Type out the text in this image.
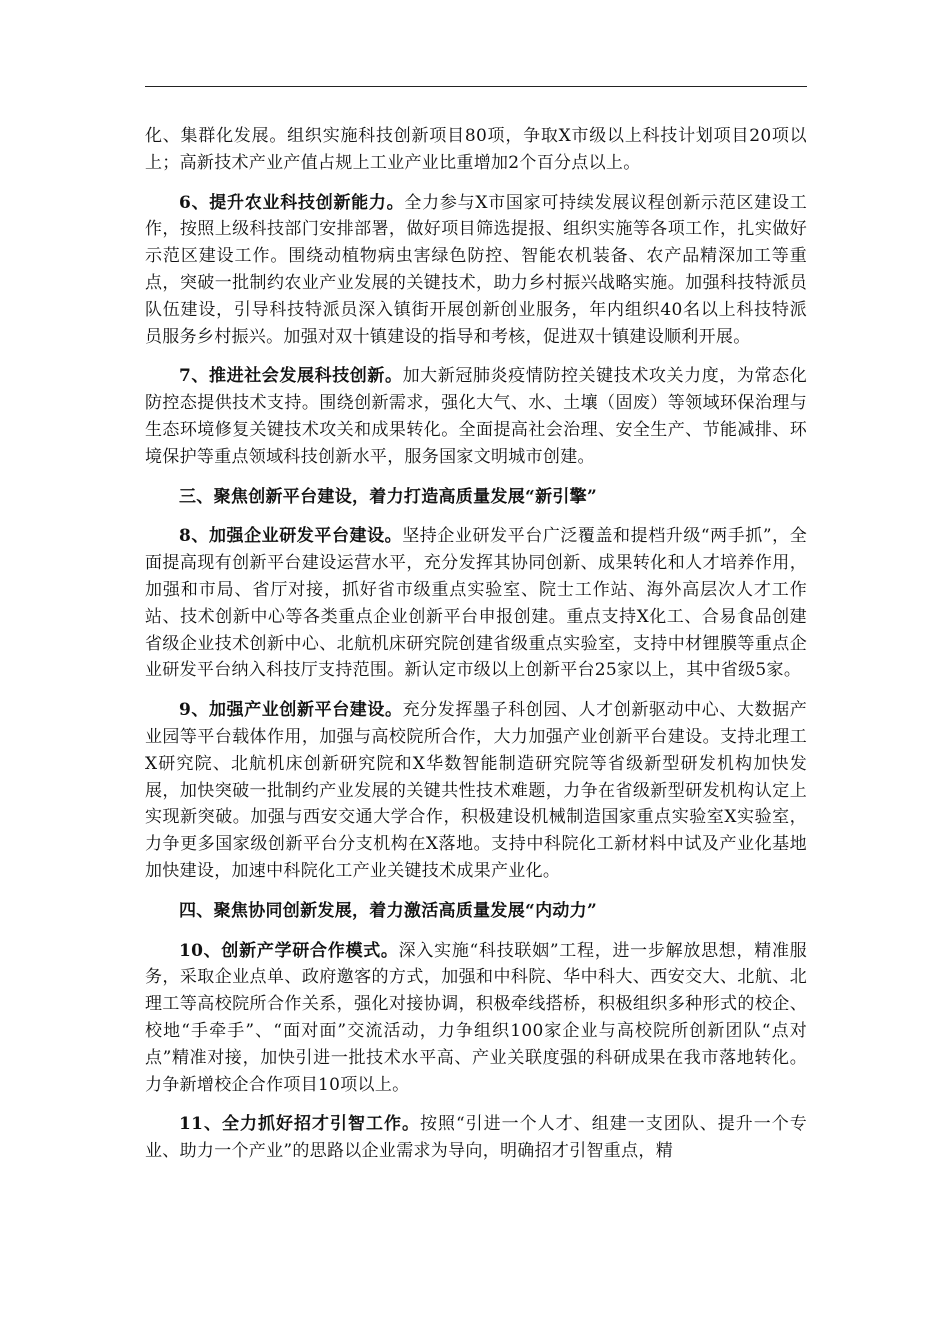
化、集群化发展。组织实施科技创新项目80项，争取X市级以上科技计划项目20项以上；高新技术产业产值占规上工业产业比重增加2个百分点以上。

6、提升农业科技创新能力。全力参与X市国家可持续发展议程创新示范区建设工作，按照上级科技部门安排部署，做好项目筛选提报、组织实施等各项工作，扎实做好示范区建设工作。围绕动植物病虫害绿色防控、智能农机装备、农产品精深加工等重点，突破一批制约农业产业发展的关键技术，助力乡村振兴战略实施。加强科技特派员队伍建设，引导科技特派员深入镇街开展创新创业服务，年内组织40名以上科技特派员服务乡村振兴。加强对双十镇建设的指导和考核，促进双十镇建设顺利开展。

7、推进社会发展科技创新。加大新冠肺炎疫情防控关键技术攻关力度，为常态化防控态提供技术支持。围绕创新需求，强化大气、水、土壤（固废）等领域环保治理与生态环境修复关键技术攻关和成果转化。全面提高社会治理、安全生产、节能减排、环境保护等重点领域科技创新水平，服务国家文明城市创建。

三、聚焦创新平台建设，着力打造高质量发展“新引擎”

8、加强企业研发平台建设。坚持企业研发平台广泛覆盖和提档升级“两手抓”，全面提高现有创新平台建设运营水平，充分发挥其协同创新、成果转化和人才培养作用，加强和市局、省厅对接，抓好省市级重点实验室、院士工作站、海外高层次人才工作站、技术创新中心等各类重点企业创新平台申报创建。重点支持X化工、合易食品创建省级企业技术创新中心、北航机床研究院创建省级重点实验室，支持中材锂膜等重点企业研发平台纳入科技厅支持范围。新认定市级以上创新平台25家以上，其中省级5家。

9、加强产业创新平台建设。充分发挥墨子科创园、人才创新驱动中心、大数据产业园等平台载体作用，加强与高校院所合作，大力加强产业创新平台建设。支持北理工X研究院、北航机床创新研究院和X华数智能制造研究院等省级新型研发机构加快发展，加快突破一批制约产业发展的关键共性技术难题，力争在省级新型研发机构认定上实现新突破。加强与西安交通大学合作，积极建设机械制造国家重点实验室X实验室，力争更多国家级创新平台分支机构在X落地。支持中科院化工新材料中试及产业化基地加快建设，加速中科院化工产业关键技术成果产业化。

四、聚焦协同创新发展，着力激活高质量发展“内动力”

10、创新产学研合作模式。深入实施“科技联姻”工程，进一步解放思想，精准服务，采取企业点单、政府邀客的方式，加强和中科院、华中科大、西安交大、北航、北理工等高校院所合作关系，强化对接协调，积极牵线搭桥，积极组织多种形式的校企、校地“手牵手”、“面对面”交流活动，力争组织100家企业与高校院所创新团队“点对点”精准对接，加快引进一批技术水平高、产业关联度强的科研成果在我市落地转化。力争新增校企合作项目10项以上。

11、全力抓好招才引智工作。按照“引进一个人才、组建一支团队、提升一个专业、助力一个产业”的思路以企业需求为导向，明确招才引智重点，精
